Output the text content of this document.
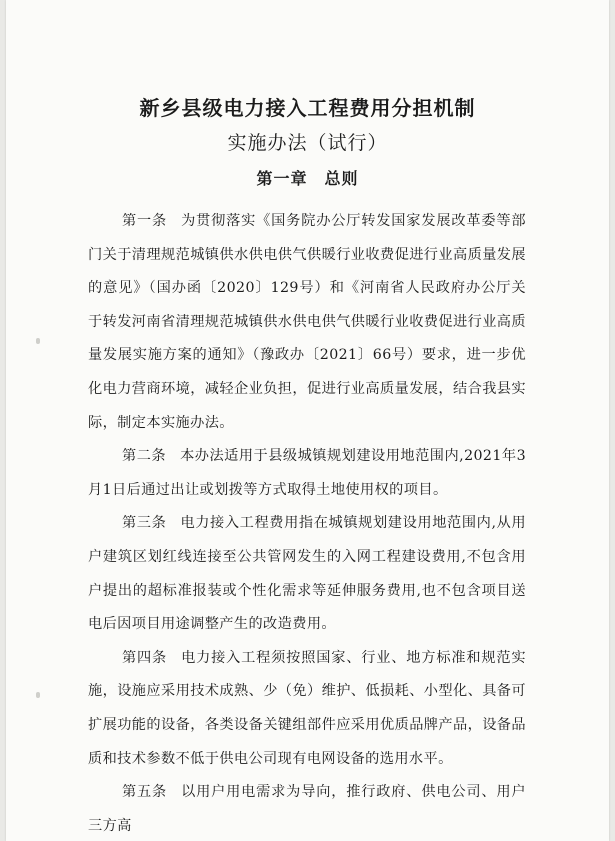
新乡县级电力接入工程费用分担机制
实施办法（试行）
第一章　总则

第一条 为贯彻落实《国务院办公厅转发国家发展改革委等部门关于清理规范城镇供水供电供气供暖行业收费促进行业高质量发展的意见》（国办函〔2020〕129号）和《河南省人民政府办公厅关于转发河南省清理规范城镇供水供电供气供暖行业收费促进行业高质量发展实施方案的通知》（豫政办〔2021〕66号）要求，进一步优化电力营商环境，减轻企业负担，促进行业高质量发展，结合我县实际，制定本实施办法。

第二条 本办法适用于县级城镇规划建设用地范围内,2021年3月1日后通过出让或划拨等方式取得土地使用权的项目。

第三条 电力接入工程费用指在城镇规划建设用地范围内,从用户建筑区划红线连接至公共管网发生的入网工程建设费用,不包含用户提出的超标准报装或个性化需求等延伸服务费用,也不包含项目送电后因项目用途调整产生的改造费用。

第四条 电力接入工程须按照国家、行业、地方标准和规范实施，设施应采用技术成熟、少（免）维护、低损耗、小型化、具备可扩展功能的设备，各类设备关键组部件应采用优质品牌产品，设备品质和技术参数不低于供电公司现有电网设备的选用水平。

第五条 以用户用电需求为导向，推行政府、供电公司、用户三方高
